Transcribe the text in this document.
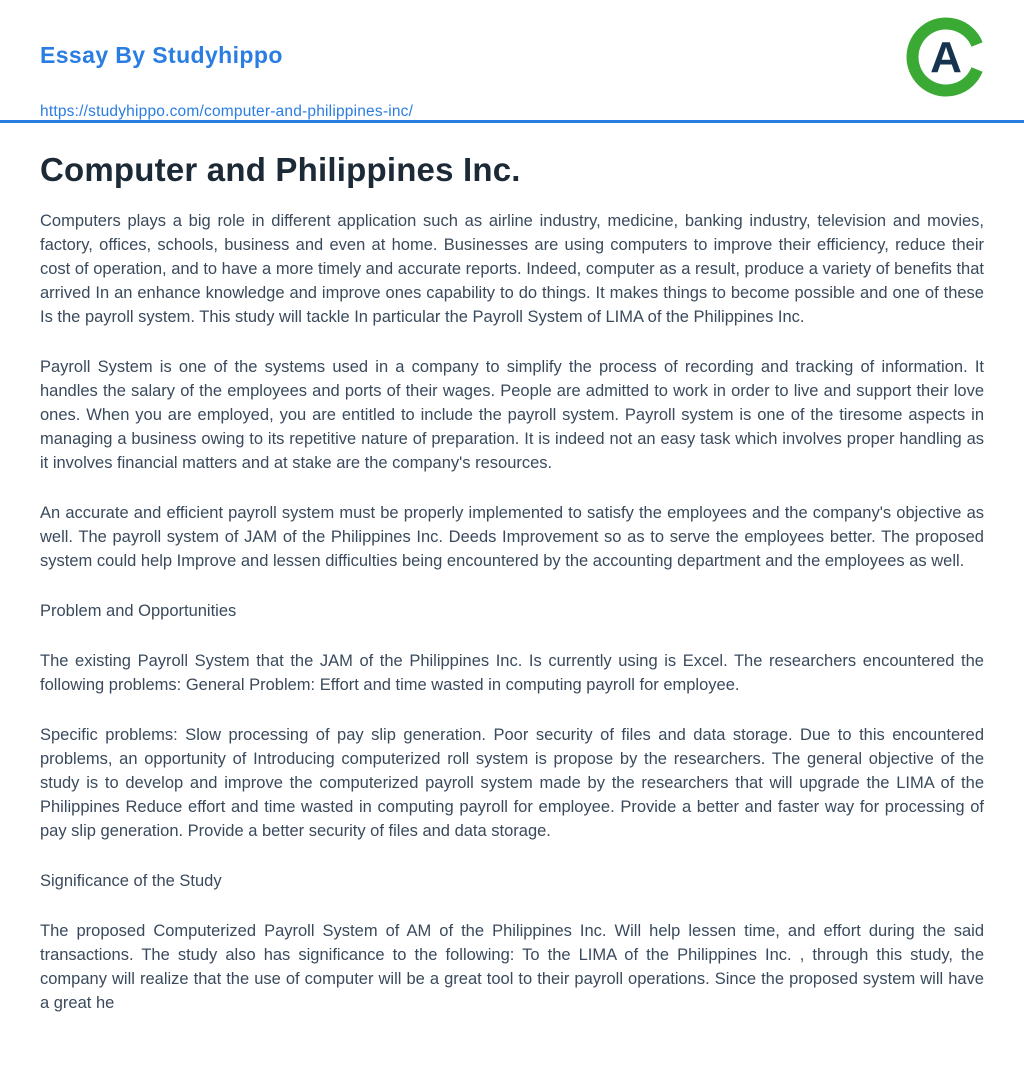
Essay By Studyhippo

https://studyhippo.com/computer-and-philippines-inc/
A
Computer and Philippines Inc.

Computers plays a big role in different application such as airline industry, medicine, banking industry, television and movies, factory, offices, schools, business and even at home. Businesses are using computers to improve their efficiency, reduce their cost of operation, and to have a more timely and accurate reports. Indeed, computer as a result, produce a variety of benefits that arrived In an enhance knowledge and improve ones capability to do things. It makes things to become possible and one of these Is the payroll system. This study will tackle In particular the Payroll System of LIMA of the Philippines Inc.

Payroll System is one of the systems used in a company to simplify the process of recording and tracking of information. It handles the salary of the employees and ports of their wages. People are admitted to work in order to live and support their love ones. When you are employed, you are entitled to include the payroll system. Payroll system is one of the tiresome aspects in managing a business owing to its repetitive nature of preparation. It is indeed not an easy task which involves proper handling as it involves financial matters and at stake are the company's resources.

An accurate and efficient payroll system must be properly implemented to satisfy the employees and the company's objective as well. The payroll system of JAM of the Philippines Inc. Deeds Improvement so as to serve the employees better. The proposed system could help Improve and lessen difficulties being encountered by the accounting department and the employees as well.

Problem and Opportunities

The existing Payroll System that the JAM of the Philippines Inc. Is currently using is Excel. The researchers encountered the following problems: General Problem: Effort and time wasted in computing payroll for employee.

Specific problems: Slow processing of pay slip generation. Poor security of files and data storage. Due to this encountered problems, an opportunity of Introducing computerized roll system is propose by the researchers. The general objective of the study is to develop and improve the computerized payroll system made by the researchers that will upgrade the LIMA of the Philippines Reduce effort and time wasted in computing payroll for employee. Provide a better and faster way for processing of pay slip generation. Provide a better security of files and data storage.

Significance of the Study

The proposed Computerized Payroll System of AM of the Philippines Inc. Will help lessen time, and effort during the said transactions. The study also has significance to the following: To the LIMA of the Philippines Inc. , through this study, the company will realize that the use of computer will be a great tool to their payroll operations. Since the proposed system will have a great he
